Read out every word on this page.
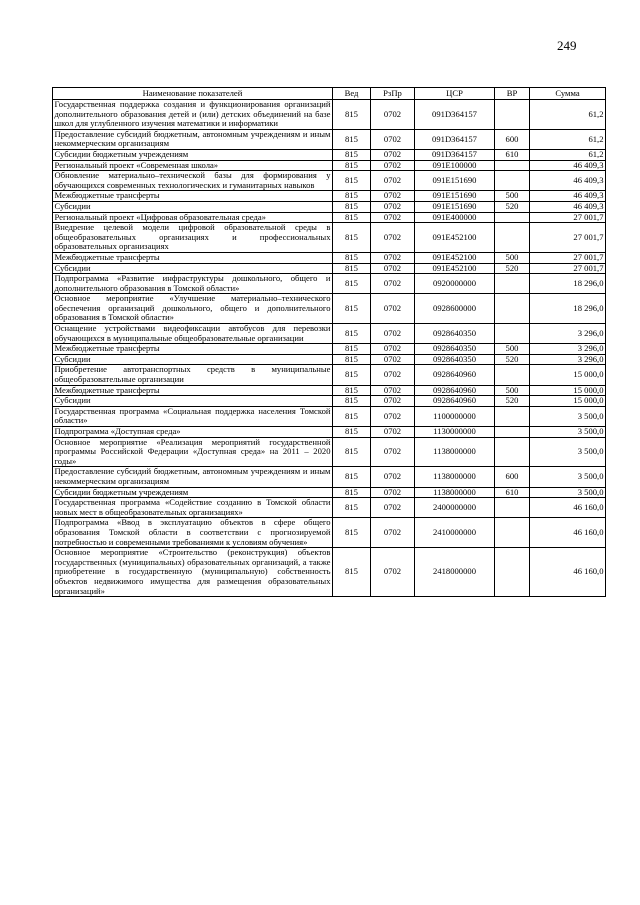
249
Наименование показателей	Вед	РзПр	ЦСР	ВР	Сумма
Государственная поддержка создания и функционирования организаций дополнительного образования детей и (или) детских объединений на базе школ для углубленного изучения математики и информатики	815	0702	091D364157		61,2
Предоставление субсидий бюджетным, автономным учреждениям и иным некоммерческим организациям	815	0702	091D364157	600	61,2
Субсидии бюджетным учреждениям	815	0702	091D364157	610	61,2
Региональный проект «Современная школа»	815	0702	091E100000		46 409,3
Обновление материально–технической базы для формирования у обучающихся современных технологических и гуманитарных навыков	815	0702	091E151690		46 409,3
Межбюджетные трансферты	815	0702	091E151690	500	46 409,3
Субсидии	815	0702	091E151690	520	46 409,3
Региональный проект «Цифровая образовательная среда»	815	0702	091E400000		27 001,7
Внедрение целевой модели цифровой образовательной среды в общеобразовательных организациях и профессиональных образовательных организациях	815	0702	091E452100		27 001,7
Межбюджетные трансферты	815	0702	091E452100	500	27 001,7
Субсидии	815	0702	091E452100	520	27 001,7
Подпрограмма «Развитие инфраструктуры дошкольного, общего и дополнительного образования в Томской области»	815	0702	0920000000		18 296,0
Основное мероприятие «Улучшение материально–технического обеспечения организаций дошкольного, общего и дополнительного образования в Томской области»	815	0702	0928600000		18 296,0
Оснащение устройствами видеофиксации автобусов для перевозки обучающихся в муниципальные общеобразовательные организации	815	0702	0928640350		3 296,0
Межбюджетные трансферты	815	0702	0928640350	500	3 296,0
Субсидии	815	0702	0928640350	520	3 296,0
Приобретение автотранспортных средств в муниципальные общеобразовательные организации	815	0702	0928640960		15 000,0
Межбюджетные трансферты	815	0702	0928640960	500	15 000,0
Субсидии	815	0702	0928640960	520	15 000,0
Государственная программа «Социальная поддержка населения Томской области»	815	0702	1100000000		3 500,0
Подпрограмма «Доступная среда»	815	0702	1130000000		3 500,0
Основное мероприятие «Реализация мероприятий государственной программы Российской Федерации «Доступная среда» на 2011 – 2020 годы»	815	0702	1138000000		3 500,0
Предоставление субсидий бюджетным, автономным учреждениям и иным некоммерческим организациям	815	0702	1138000000	600	3 500,0
Субсидии бюджетным учреждениям	815	0702	1138000000	610	3 500,0
Государственная программа «Содействие созданию в Томской области новых мест в общеобразовательных организациях»	815	0702	2400000000		46 160,0
Подпрограмма «Ввод в эксплуатацию объектов в сфере общего образования Томской области в соответствии с прогнозируемой потребностью и современными требованиями к условиям обучения»	815	0702	2410000000		46 160,0
Основное мероприятие «Строительство (реконструкция) объектов государственных (муниципальных) образовательных организаций, а также приобретение в государственную (муниципальную) собственность объектов недвижимого имущества для размещения образовательных организаций»	815	0702	2418000000		46 160,0
